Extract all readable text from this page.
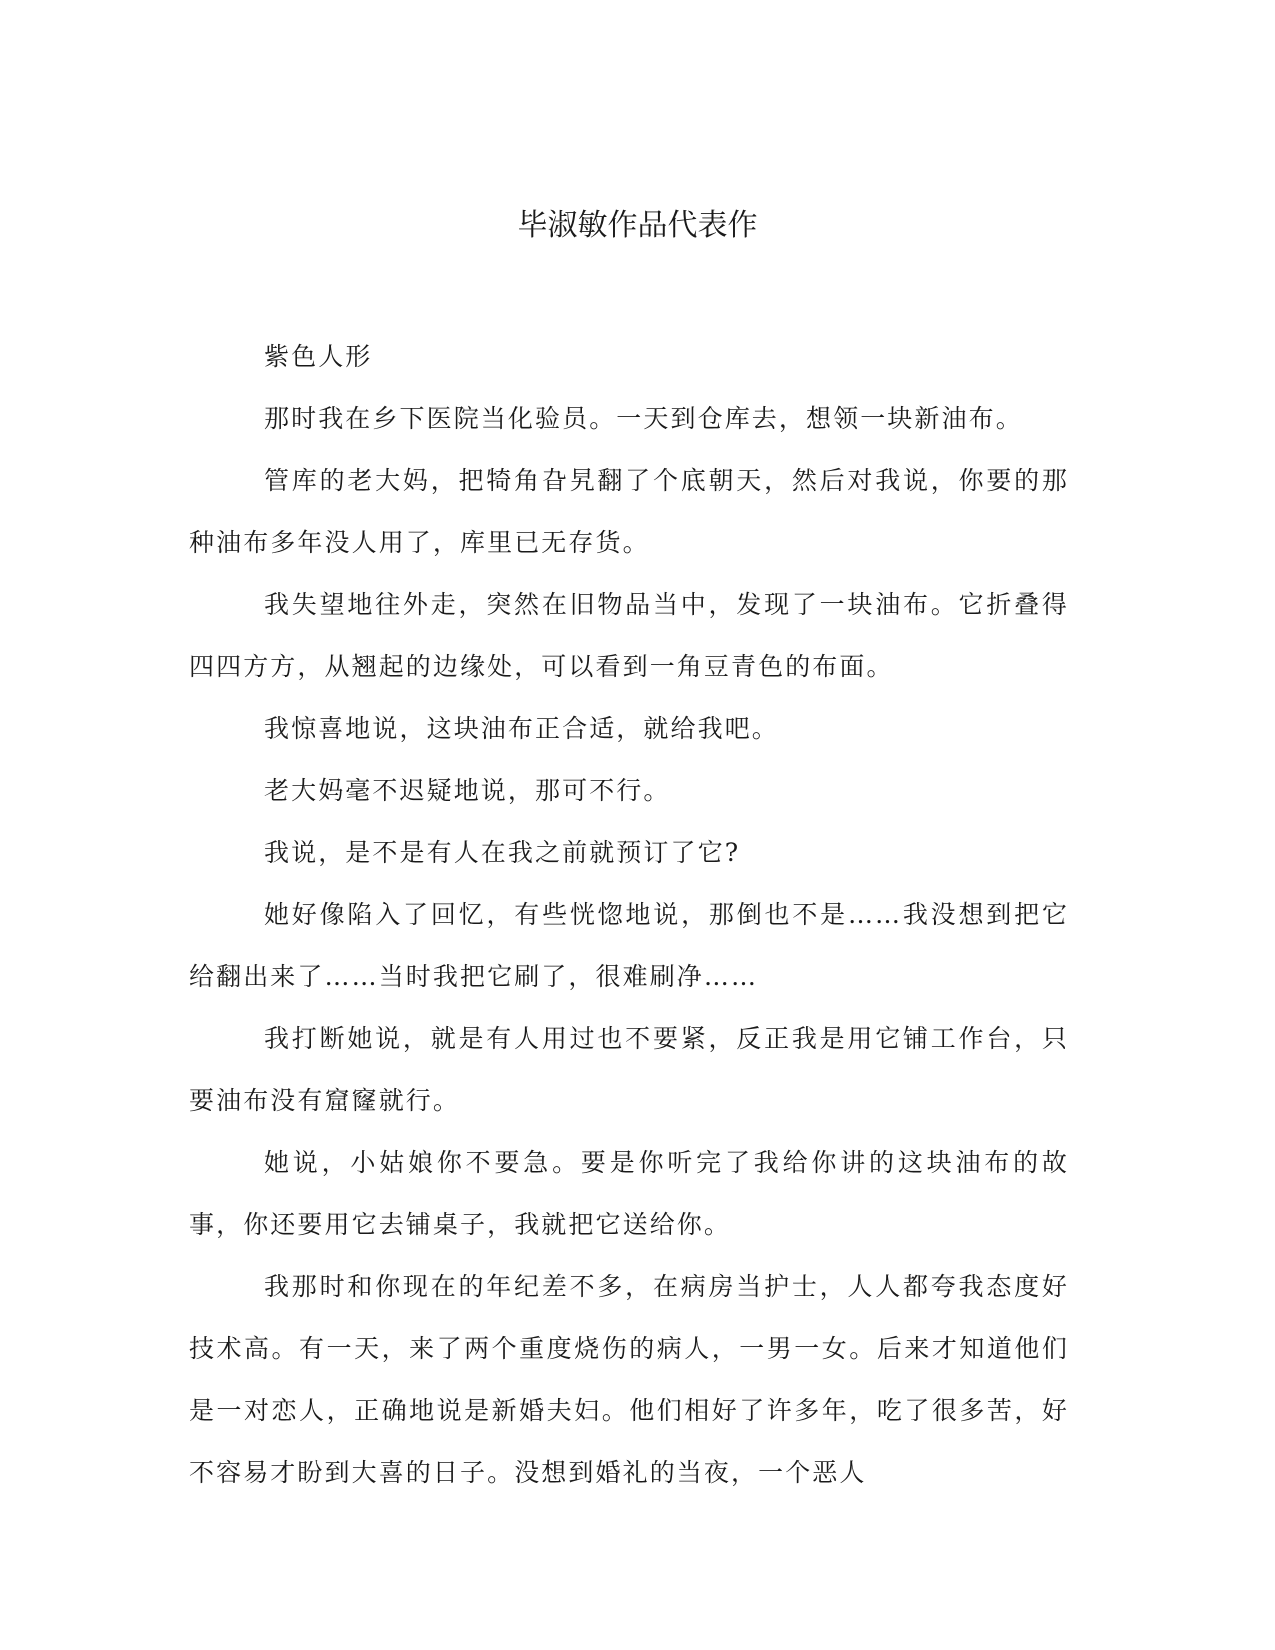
毕淑敏作品代表作

紫色人形

那时我在乡下医院当化验员。一天到仓库去，想领一块新油布。

管库的老大妈，把犄角旮旯翻了个底朝天，然后对我说，你要的那种油布多年没人用了，库里已无存货。

我失望地往外走，突然在旧物品当中，发现了一块油布。它折叠得四四方方，从翘起的边缘处，可以看到一角豆青色的布面。

我惊喜地说，这块油布正合适，就给我吧。

老大妈毫不迟疑地说，那可不行。

我说，是不是有人在我之前就预订了它?

她好像陷入了回忆，有些恍惚地说，那倒也不是……我没想到把它给翻出来了……当时我把它刷了，很难刷净……

我打断她说，就是有人用过也不要紧，反正我是用它铺工作台，只要油布没有窟窿就行。

她说，小姑娘你不要急。要是你听完了我给你讲的这块油布的故事，你还要用它去铺桌子，我就把它送给你。

我那时和你现在的年纪差不多，在病房当护士，人人都夸我态度好技术高。有一天，来了两个重度烧伤的病人，一男一女。后来才知道他们是一对恋人，正确地说是新婚夫妇。他们相好了许多年，吃了很多苦，好不容易才盼到大喜的日子。没想到婚礼的当夜，一个恶人
